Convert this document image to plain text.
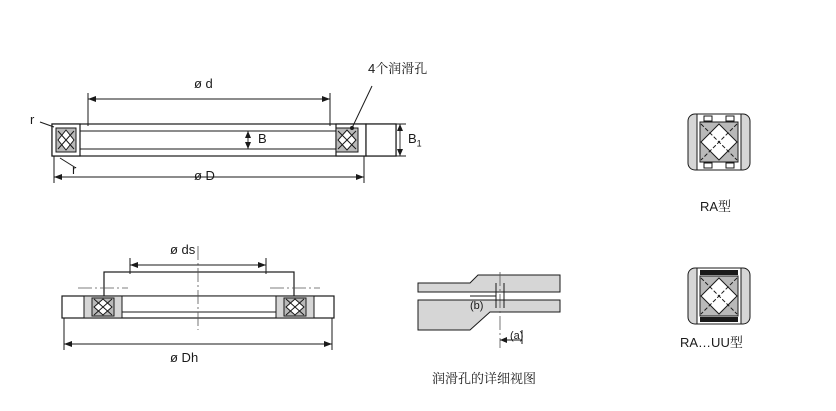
4个润滑孔
ø d
ø D
B	$B_1$
r
r
ø ds
ø Dh
(b)
(a)
润滑孔的详细视图
RA型
RA…UU型
